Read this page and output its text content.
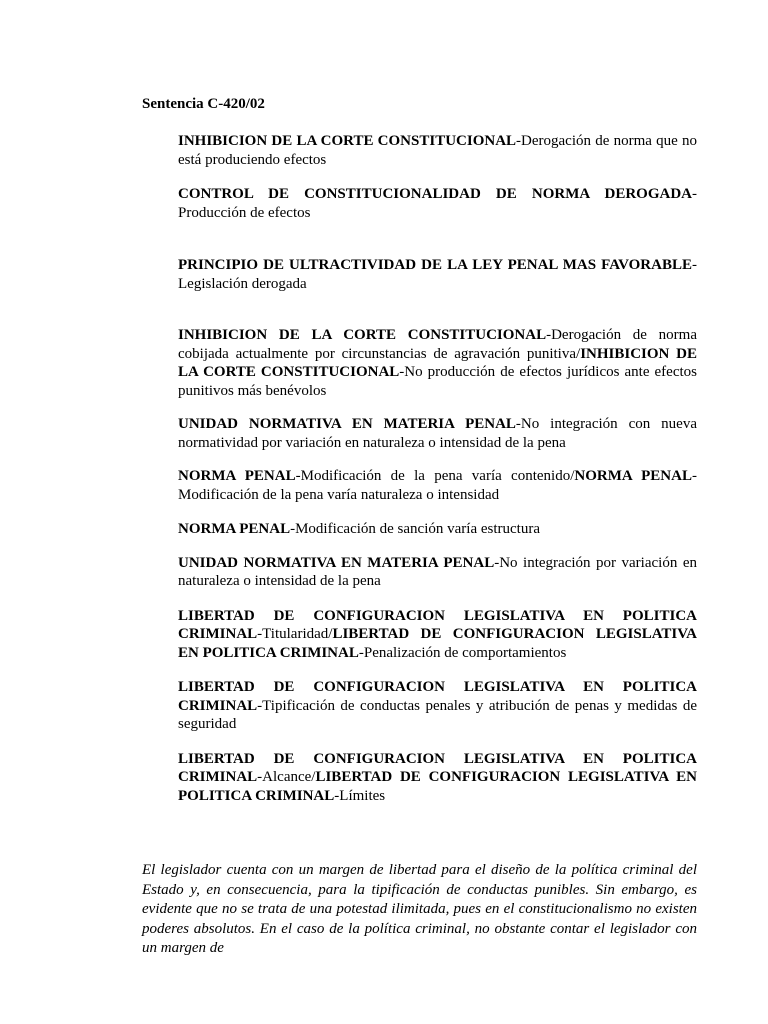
Sentencia C-420/02

INHIBICION DE LA CORTE CONSTITUCIONAL-Derogación de norma que no está produciendo efectos

CONTROL DE CONSTITUCIONALIDAD DE NORMA DEROGADA-Producción de efectos

PRINCIPIO DE ULTRACTIVIDAD DE LA LEY PENAL MAS FAVORABLE-Legislación derogada

INHIBICION DE LA CORTE CONSTITUCIONAL-Derogación de norma cobijada actualmente por circunstancias de agravación punitiva/INHIBICION DE LA CORTE CONSTITUCIONAL-No producción de efectos jurídicos ante efectos punitivos más benévolos

UNIDAD NORMATIVA EN MATERIA PENAL-No integración con nueva normatividad por variación en naturaleza o intensidad de la pena

NORMA PENAL-Modificación de la pena varía contenido/NORMA PENAL-Modificación de la pena varía naturaleza o intensidad

NORMA PENAL-Modificación de sanción varía estructura

UNIDAD NORMATIVA EN MATERIA PENAL-No integración por variación en naturaleza o intensidad de la pena

LIBERTAD DE CONFIGURACION LEGISLATIVA EN POLITICA CRIMINAL-Titularidad/LIBERTAD DE CONFIGURACION LEGISLATIVA EN POLITICA CRIMINAL-Penalización de comportamientos

LIBERTAD DE CONFIGURACION LEGISLATIVA EN POLITICA CRIMINAL-Tipificación de conductas penales y atribución de penas y medidas de seguridad

LIBERTAD DE CONFIGURACION LEGISLATIVA EN POLITICA CRIMINAL-Alcance/LIBERTAD DE CONFIGURACION LEGISLATIVA EN POLITICA CRIMINAL-Límites

El legislador cuenta con un margen de libertad para el diseño de la política criminal del Estado y, en consecuencia, para la tipificación de conductas punibles. Sin embargo, es evidente que no se trata de una potestad ilimitada, pues en el constitucionalismo no existen poderes absolutos. En el caso de la política criminal, no obstante contar el legislador con un margen de
